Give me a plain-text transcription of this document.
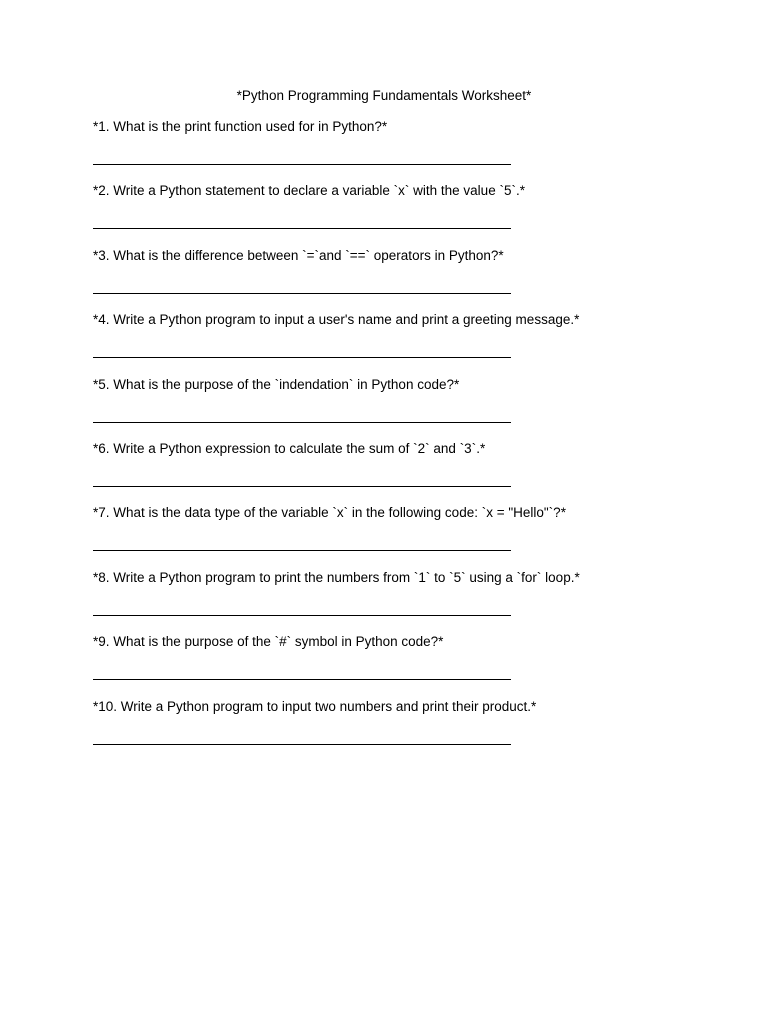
*Python Programming Fundamentals Worksheet*
*1. What is the print function used for in Python?*
*2. Write a Python statement to declare a variable `x` with the value `5`.*
*3. What is the difference between `=`and `==` operators in Python?*
*4. Write a Python program to input a user's name and print a greeting message.*
*5. What is the purpose of the `indendation` in Python code?*
*6. Write a Python expression to calculate the sum of `2` and `3`.*
*7. What is the data type of the variable `x` in the following code: `x = "Hello"`?*
*8. Write a Python program to print the numbers from `1` to `5` using a `for` loop.*
*9. What is the purpose of the `#` symbol in Python code?*
*10. Write a Python program to input two numbers and print their product.*
